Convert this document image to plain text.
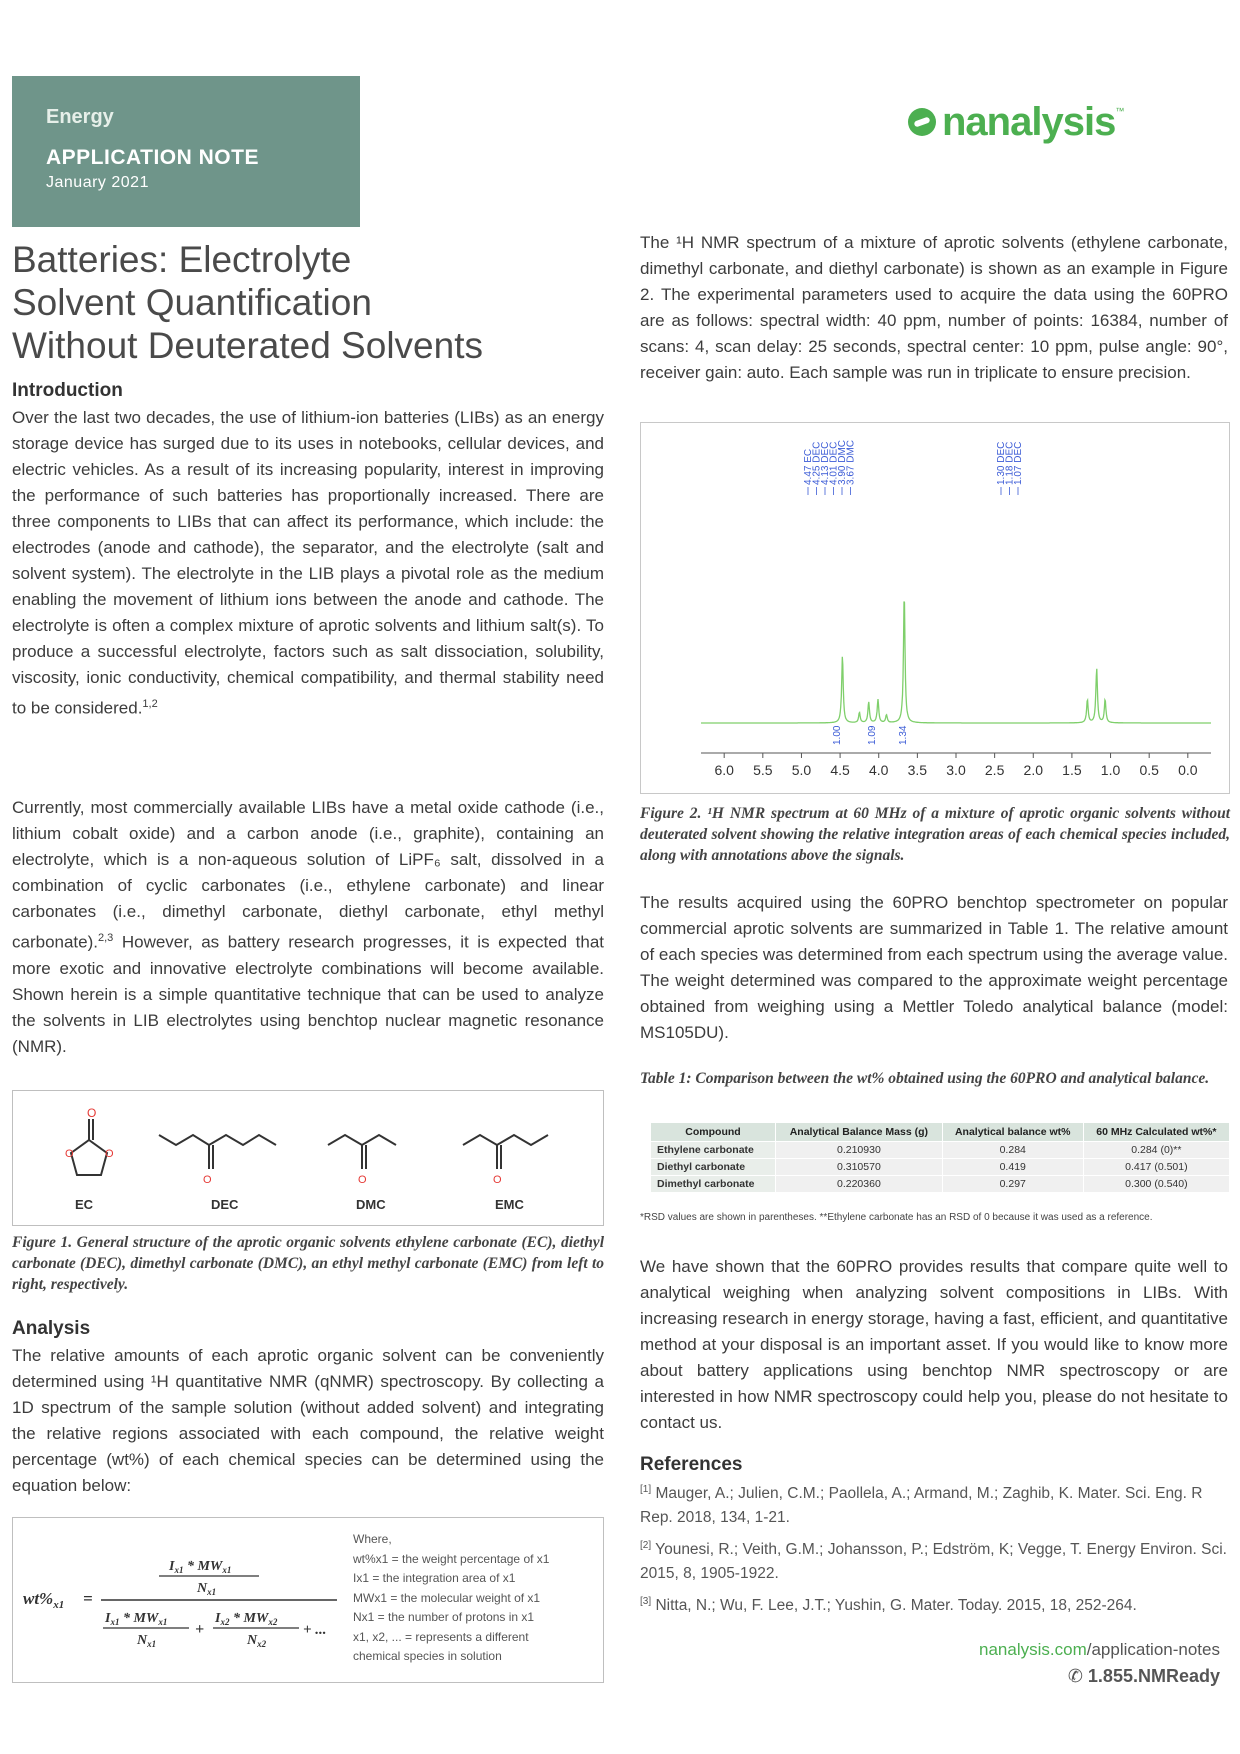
Energy
APPLICATION NOTE
January 2021
nanalysis ™
Batteries: Electrolyte
Solvent Quantification
Without Deuterated Solvents
Introduction

Over the last two decades, the use of lithium-ion batteries (LIBs) as an energy storage device has surged due to its uses in notebooks, cellular devices, and electric vehicles. As a result of its increasing popularity, interest in improving the performance of such batteries has proportionally increased. There are three components to LIBs that can affect its performance, which include: the electrodes (anode and cathode), the separator, and the electrolyte (salt and solvent system). The electrolyte in the LIB plays a pivotal role as the medium enabling the movement of lithium ions between the anode and cathode. The electrolyte is often a complex mixture of aprotic solvents and lithium salt(s). To produce a successful electrolyte, factors such as salt dissociation, solubility, viscosity, ionic conductivity, chemical compatibility, and thermal stability need to be considered.$^{1,2}$

Currently, most commercially available LIBs have a metal oxide cathode (i.e., lithium cobalt oxide) and a carbon anode (i.e., graphite), containing an electrolyte, which is a non-aqueous solution of LiPF₆ salt, dissolved in a combination of cyclic carbonates (i.e., ethylene carbonate) and linear carbonates (i.e., dimethyl carbonate, diethyl carbonate, ethyl methyl carbonate).$^{2,3}$ However, as battery research progresses, it is expected that more exotic and innovative electrolyte combinations will become available. Shown herein is a simple quantitative technique that can be used to analyze the solvents in LIB electrolytes using benchtop nuclear magnetic resonance (NMR).

O
O	O
O	O	O
EC	DEC	DMC	EMC
Figure 1. General structure of the aprotic organic solvents ethylene carbonate (EC), diethyl carbonate (DEC), dimethyl carbonate (DMC), an ethyl methyl carbonate (EMC) from left to right, respectively.
Analysis

The relative amounts of each aprotic organic solvent can be conveniently determined using ¹H quantitative NMR (qNMR) spectroscopy. By collecting a 1D spectrum of the sample solution (without added solvent) and integrating the relative regions associated with each compound, the relative weight percentage (wt%) of each chemical species can be determined using the equation below:

$wt\%_{x1}$ =
$I_{x1} * MW_{x1}$
$N_{x1}$
$I_{x1} * MW_{x1}$
$N_{x1}$
+
$I_{x2} * MW_{x2}$
$N_{x2}$
+ ...
Where,
wt%x1 = the weight percentage of x1
Ix1 = the integration area of x1
MWx1 = the molecular weight of x1
Nx1 = the number of protons in x1
x1, x2, ... = represents a different
chemical species in solution

The ¹H NMR spectrum of a mixture of aprotic solvents (ethylene carbonate, dimethyl carbonate, and diethyl carbonate) is shown as an example in Figure 2. The experimental parameters used to acquire the data using the 60PRO are as follows: spectral width: 40 ppm, number of points: 16384, number of scans: 4, scan delay: 25 seconds, spectral center: 10 ppm, pulse angle: 90°, receiver gain: auto. Each sample was run in triplicate to ensure precision.

4.47 EC
4.25 DEC
4.13 DEC
4.01 DEC
3.90 DMC
3.67 DMC	1.30 DEC
1.18 DEC
1.07 DEC
1.00 1.09 1.34
6.0 5.5 5.0 4.5 4.0 3.5 3.0 2.5 2.0 1.5 1.0 0.5 0.0
Figure 2. ¹H NMR spectrum at 60 MHz of a mixture of aprotic organic solvents without deuterated solvent showing the relative integration areas of each chemical species included, along with annotations above the signals.

The results acquired using the 60PRO benchtop spectrometer on popular commercial aprotic solvents are summarized in Table 1. The relative amount of each species was determined from each spectrum using the average value. The weight determined was compared to the approximate weight percentage obtained from weighing using a Mettler Toledo analytical balance (model: MS105DU).

Table 1: Comparison between the wt% obtained using the 60PRO and analytical balance.
Compound	Analytical Balance Mass (g)	Analytical balance wt%	60 MHz Calculated wt%*
Ethylene carbonate	0.210930	0.284	0.284 (0)**
Diethyl carbonate	0.310570	0.419	0.417 (0.501)
Dimethyl carbonate	0.220360	0.297	0.300 (0.540)
*RSD values are shown in parentheses. **Ethylene carbonate has an RSD of 0 because it was used as a reference.

We have shown that the 60PRO provides results that compare quite well to analytical weighing when analyzing solvent compositions in LIBs. With increasing research in energy storage, having a fast, efficient, and quantitative method at your disposal is an important asset. If you would like to know more about battery applications using benchtop NMR spectroscopy or are interested in how NMR spectroscopy could help you, please do not hesitate to contact us.

References

[1] Mauger, A.; Julien, C.M.; Paollela, A.; Armand, M.; Zaghib, K. Mater. Sci. Eng. R Rep. 2018, 134, 1-21.

[2] Younesi, R.; Veith, G.M.; Johansson, P.; Edström, K; Vegge, T. Energy Environ. Sci. 2015, 8, 1905-1922.

[3] Nitta, N.; Wu, F. Lee, J.T.; Yushin, G. Mater. Today. 2015, 18, 252-264.

nanalysis.com/application-notes
✆ 1.855.NMReady
